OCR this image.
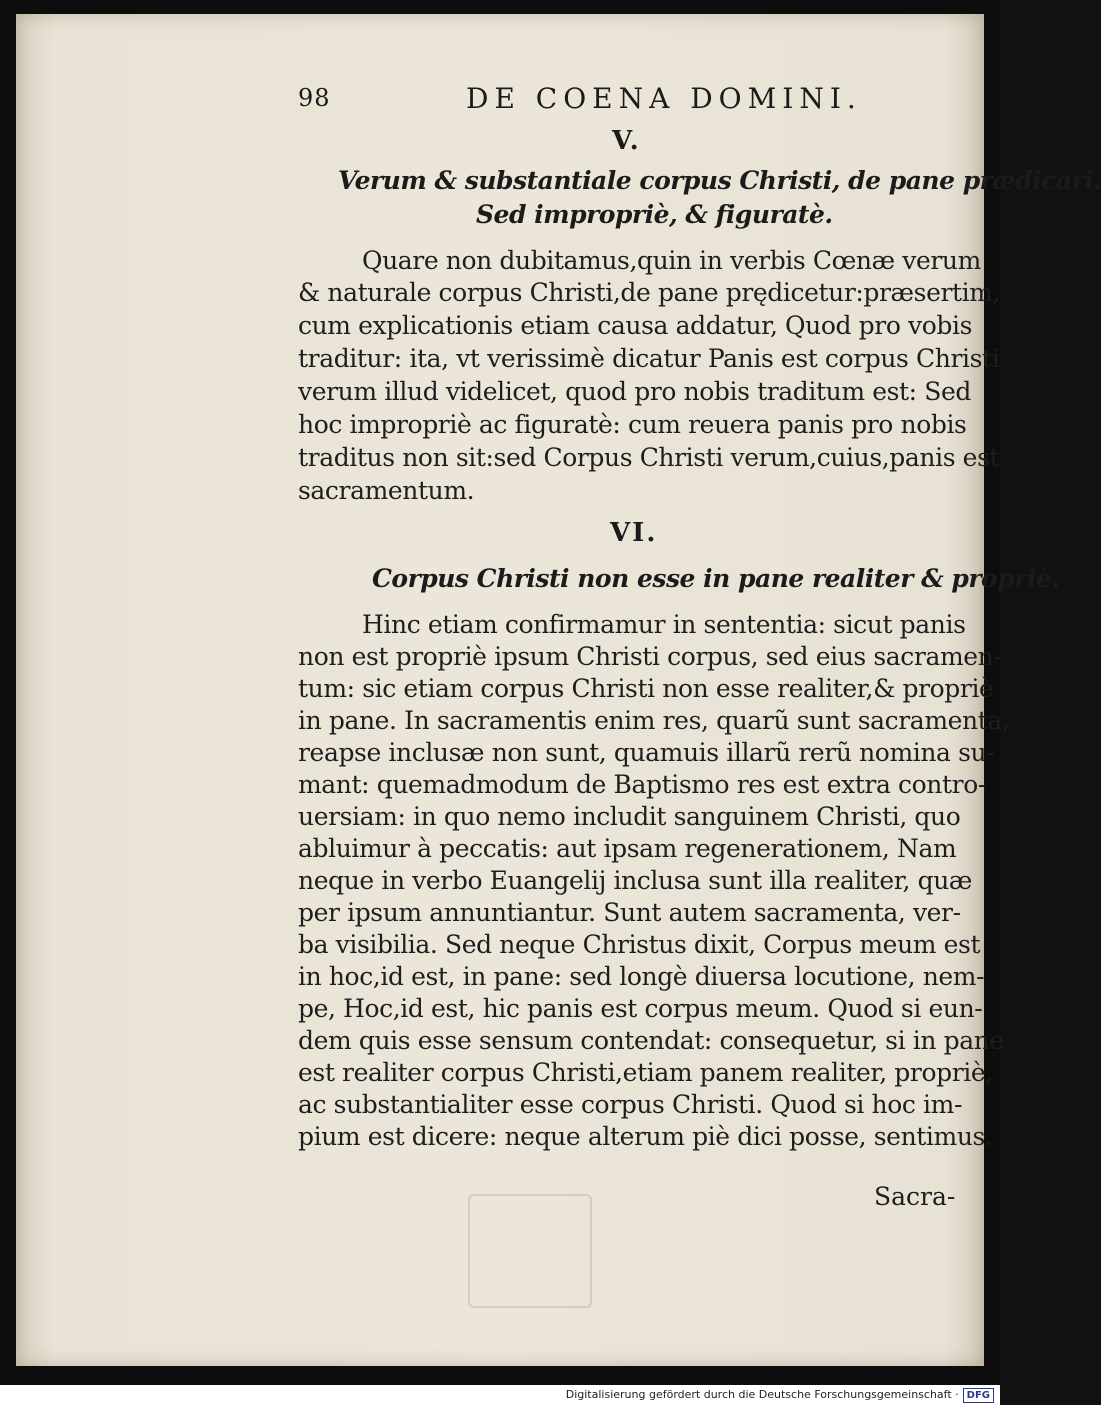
98	DE COENA DOMINI.
V.
Verum & substantiale corpus Christi, de pane prædicari.
Sed impropriè, & figuratè.
Quare non dubitamus,quin in verbis Cœnæ verum
& naturale corpus Christi,de pane prędicetur:præsertim,
cum explicationis etiam causa addatur, Quod pro vobis
traditur: ita, vt verissimè dicatur Panis est corpus Christi
verum illud videlicet, quod pro nobis traditum est: Sed
hoc impropriè ac figuratè: cum reuera panis pro nobis
traditus non sit:sed Corpus Christi verum,cuius,panis est
sacramentum.
VI.
Corpus Christi non esse in pane realiter & propriè.
Hinc etiam confirmamur in sententia: sicut panis
non est propriè ipsum Christi corpus, sed eius sacramen-
tum: sic etiam corpus Christi non esse realiter,& propriè
in pane. In sacramentis enim res, quarũ sunt sacramenta,
reapse inclusæ non sunt, quamuis illarũ rerũ nomina su-
mant: quemadmodum de Baptismo res est extra contro-
uersiam: in quo nemo includit sanguinem Christi, quo
abluimur à peccatis: aut ipsam regenerationem, Nam
neque in verbo Euangelij inclusa sunt illa realiter, quæ
per ipsum annuntiantur. Sunt autem sacramenta, ver-
ba visibilia. Sed neque Christus dixit, Corpus meum est
in hoc,id est, in pane: sed longè diuersa locutione, nem-
pe, Hoc,id est, hic panis est corpus meum. Quod si eun-
dem quis esse sensum contendat: consequetur, si in pane
est realiter corpus Christi,etiam panem realiter, propriè,
ac substantialiter esse corpus Christi. Quod si hoc im-
pium est dicere: neque alterum piè dici posse, sentimus.
Sacra-
Digitalisierung gefördert durch die Deutsche Forschungsgemeinschaft · DFG
